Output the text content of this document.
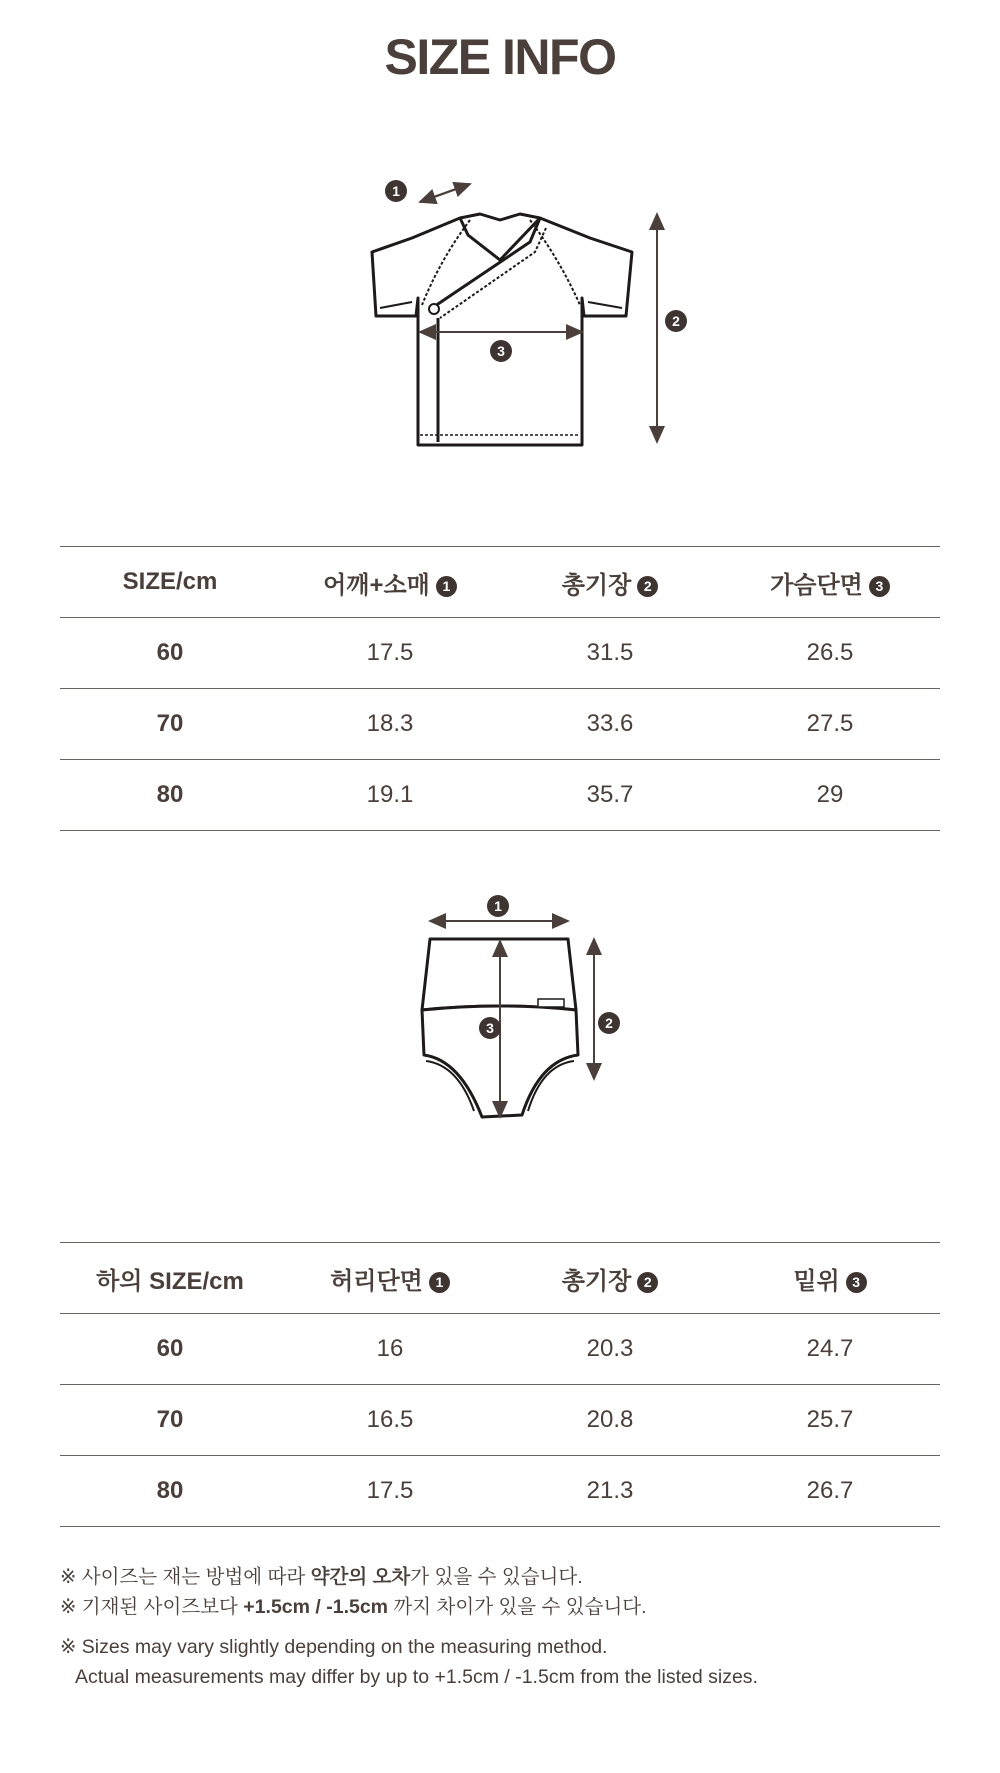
SIZE INFO
1
2
3
SIZE/cm	어깨+소매 1	총기장 2	가슴단면 3
60	17.5	31.5	26.5
70	18.3	33.6	27.5
80	19.1	35.7	29
1
2
3
하의 SIZE/cm	허리단면 1	총기장 2	밑위 3
60	16	20.3	24.7
70	16.5	20.8	25.7
80	17.5	21.3	26.7

※ 사이즈는 재는 방법에 따라 약간의 오차가 있을 수 있습니다.

※ 기재된 사이즈보다 +1.5cm / -1.5cm 까지 차이가 있을 수 있습니다.

※ Sizes may vary slightly depending on the measuring method.

Actual measurements may differ by up to +1.5cm / -1.5cm from the listed sizes.
